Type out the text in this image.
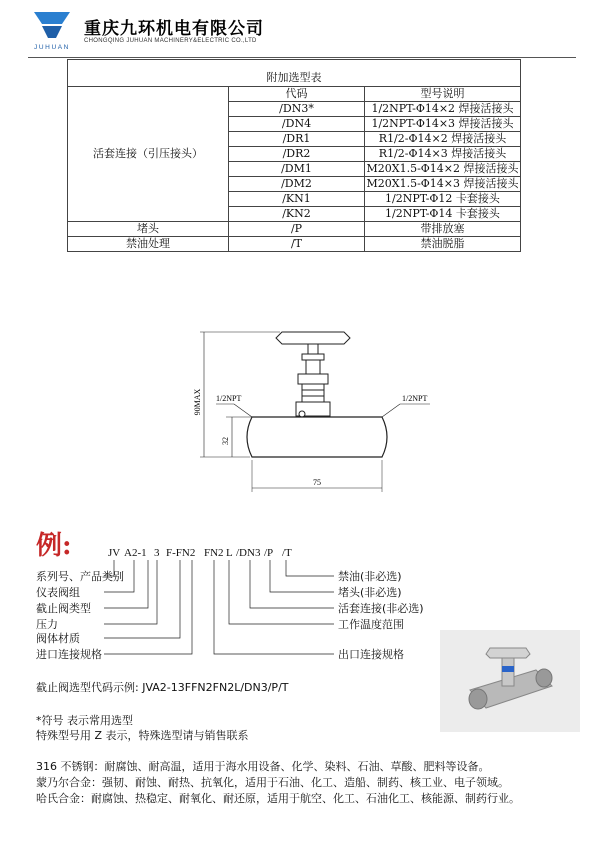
JUHUAN
重庆九环机电有限公司
CHONGQING JUHUAN MACHINERY&ELECTRIC CO.,LTD
附加选型表		
活套连接（引压接头）	代码	型号说明
	/DN3*	1/2NPT-Φ14×2 焊接活接头
	/DN4	1/2NPT-Φ14×3 焊接活接头
	/DR1	R1/2-Φ14×2 焊接活接头
	/DR2	R1/2-Φ14×3 焊接活接头
	/DM1	M20X1.5-Φ14×2 焊接活接头
	/DM2	M20X1.5-Φ14×3 焊接活接头
	/KN1	1/2NPT-Φ12 卡套接头
	/KN2	1/2NPT-Φ14 卡套接头
堵头	/P	带排放塞
禁油处理	/T	禁油脱脂
90MAX 1/2NPT	1/2NPT
32
75
例:	JV A2-1 3 F-FN2 FN2 L /DN3 /P /T
系列号、产品类别
仪表阀组
截止阀类型
压力
阀体材质
进口连接规格
禁油(非必选)
堵头(非必选)
活套连接(非必选)
工作温度范围
出口连接规格
截止阀选型代码示例: JVA2-13FFN2FN2L/DN3/P/T
*符号 表示常用选型
特殊型号用 Z 表示，特殊选型请与销售联系
316 不锈钢：耐腐蚀、耐高温，适用于海水用设备、化学、染料、石油、草酸、肥料等设备。
蒙乃尔合金：强韧、耐蚀、耐热、抗氧化，适用于石油、化工、造船、制药、核工业、电子领域。
哈氏合金：耐腐蚀、热稳定、耐氧化、耐还原，适用于航空、化工、石油化工、核能源、制药行业。
